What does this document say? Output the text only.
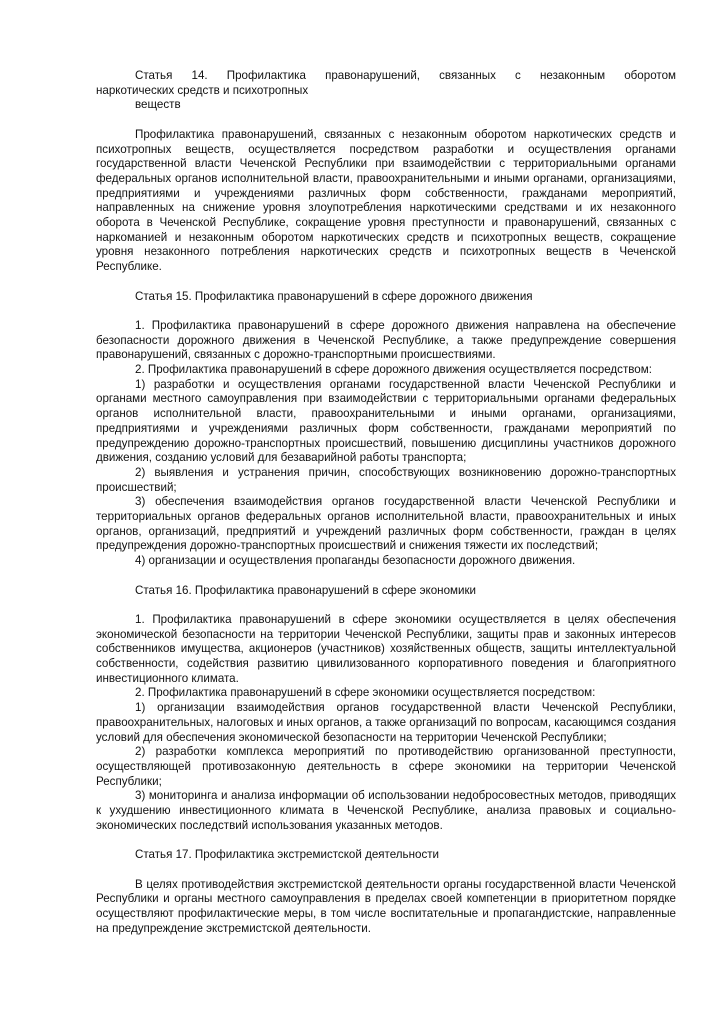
Статья 14. Профилактика правонарушений, связанных с незаконным оборотом

наркотических средств и психотропных

веществ

Профилактика правонарушений, связанных с незаконным оборотом наркотических средств и психотропных веществ, осуществляется посредством разработки и осуществления органами государственной власти Чеченской Республики при взаимодействии с территориальными органами федеральных органов исполнительной власти, правоохранительными и иными органами, организациями, предприятиями и учреждениями различных форм собственности, гражданами мероприятий, направленных на снижение уровня злоупотребления наркотическими средствами и их незаконного оборота в Чеченской Республике, сокращение уровня преступности и правонарушений, связанных с наркоманией и незаконным оборотом наркотических средств и психотропных веществ, сокращение уровня незаконного потребления наркотических средств и психотропных веществ в Чеченской Республике.

Статья 15. Профилактика правонарушений в сфере дорожного движения

1. Профилактика правонарушений в сфере дорожного движения направлена на обеспечение безопасности дорожного движения в Чеченской Республике, а также предупреждение совершения правонарушений, связанных с дорожно-транспортными происшествиями.

2. Профилактика правонарушений в сфере дорожного движения осуществляется посредством:

1) разработки и осуществления органами государственной власти Чеченской Республики и органами местного самоуправления при взаимодействии с территориальными органами федеральных органов исполнительной власти, правоохранительными и иными органами, организациями, предприятиями и учреждениями различных форм собственности, гражданами мероприятий по предупреждению дорожно-транспортных происшествий, повышению дисциплины участников дорожного движения, созданию условий для безаварийной работы транспорта;

2) выявления и устранения причин, способствующих возникновению дорожно-транспортных происшествий;

3) обеспечения взаимодействия органов государственной власти Чеченской Республики и территориальных органов федеральных органов исполнительной власти, правоохранительных и иных органов, организаций, предприятий и учреждений различных форм собственности, граждан в целях предупреждения дорожно-транспортных происшествий и снижения тяжести их последствий;

4) организации и осуществления пропаганды безопасности дорожного движения.

Статья 16. Профилактика правонарушений в сфере экономики

1. Профилактика правонарушений в сфере экономики осуществляется в целях обеспечения экономической безопасности на территории Чеченской Республики, защиты прав и законных интересов собственников имущества, акционеров (участников) хозяйственных обществ, защиты интеллектуальной собственности, содействия развитию цивилизованного корпоративного поведения и благоприятного инвестиционного климата.

2. Профилактика правонарушений в сфере экономики осуществляется посредством:

1) организации взаимодействия органов государственной власти Чеченской Республики, правоохранительных, налоговых и иных органов, а также организаций по вопросам, касающимся создания условий для обеспечения экономической безопасности на территории Чеченской Республики;

2) разработки комплекса мероприятий по противодействию организованной преступности, осуществляющей противозаконную деятельность в сфере экономики на территории Чеченской Республики;

3) мониторинга и анализа информации об использовании недобросовестных методов, приводящих к ухудшению инвестиционного климата в Чеченской Республике, анализа правовых и социально-экономических последствий использования указанных методов.

Статья 17. Профилактика экстремистской деятельности

В целях противодействия экстремистской деятельности органы государственной власти Чеченской Республики и органы местного самоуправления в пределах своей компетенции в приоритетном порядке осуществляют профилактические меры, в том числе воспитательные и пропагандистские, направленные на предупреждение экстремистской деятельности.
